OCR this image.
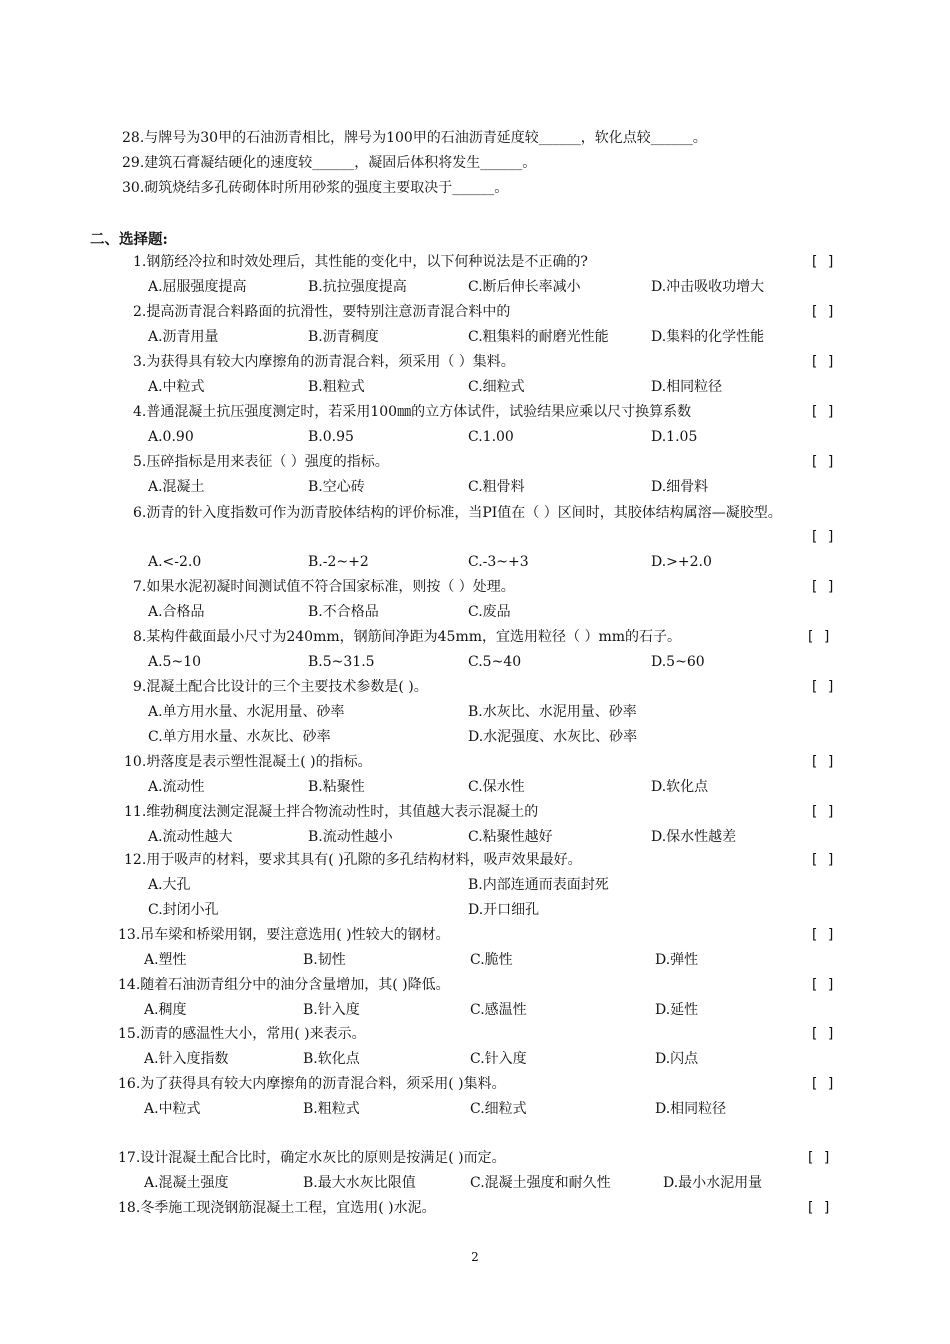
28.与牌号为30甲的石油沥青相比，牌号为100甲的石油沥青延度较______，软化点较______。
29.建筑石膏凝结硬化的速度较______，凝固后体积将发生______。
30.砌筑烧结多孔砖砌体时所用砂浆的强度主要取决于______。
二、选择题:
1.钢筋经冷拉和时效处理后，其性能的变化中，以下何种说法是不正确的?	[ ]
A.屈服强度提高	B.抗拉强度提高	C.断后伸长率减小	D.冲击吸收功增大
2.提高沥青混合料路面的抗滑性，要特别注意沥青混合料中的	[ ]
A.沥青用量	B.沥青稠度	C.粗集料的耐磨光性能	D.集料的化学性能
3.为获得具有较大内摩擦角的沥青混合料，须采用（ ）集料。	[ ]
A.中粒式	B.粗粒式	C.细粒式	D.相同粒径
4.普通混凝土抗压强度测定时，若采用100㎜的立方体试件，试验结果应乘以尺寸换算系数	[ ]
A.0.90	B.0.95	C.1.00	D.1.05
5.压碎指标是用来表征（ ）强度的指标。	[ ]
A.混凝土	B.空心砖	C.粗骨料	D.细骨料
6.沥青的针入度指数可作为沥青胶体结构的评价标准，当PI值在（ ）区间时，其胶体结构属溶—凝胶型。
[ ]
A.<-2.0	B.-2~+2	C.-3~+3	D.>+2.0
7.如果水泥初凝时间测试值不符合国家标准，则按（ ）处理。	[ ]
A.合格品	B.不合格品	C.废品
8.某构件截面最小尺寸为240mm，钢筋间净距为45mm，宜选用粒径（ ）mm的石子。	[ ]
A.5~10	B.5~31.5	C.5~40	D.5~60
9.混凝土配合比设计的三个主要技术参数是( )。	[ ]
A.单方用水量、水泥用量、砂率	B.水灰比、水泥用量、砂率
C.单方用水量、水灰比、砂率	D.水泥强度、水灰比、砂率
10.坍落度是表示塑性混凝土( )的指标。	[ ]
A.流动性	B.粘聚性	C.保水性	D.软化点
11.维勃稠度法测定混凝土拌合物流动性时，其值越大表示混凝土的	[ ]
A.流动性越大	B.流动性越小	C.粘聚性越好	D.保水性越差
12.用于吸声的材料，要求其具有( )孔隙的多孔结构材料，吸声效果最好。	[ ]
A.大孔	B.内部连通而表面封死
C.封闭小孔	D.开口细孔
13.吊车梁和桥梁用钢，要注意选用( )性较大的钢材。	[ ]
A.塑性	B.韧性	C.脆性	D.弹性
14.随着石油沥青组分中的油分含量增加，其( )降低。	[ ]
A.稠度	B.针入度	C.感温性	D.延性
15.沥青的感温性大小，常用( )来表示。	[ ]
A.针入度指数	B.软化点	C.针入度	D.闪点
16.为了获得具有较大内摩擦角的沥青混合料，须采用( )集料。	[ ]
A.中粒式	B.粗粒式	C.细粒式	D.相同粒径
17.设计混凝土配合比时，确定水灰比的原则是按满足( )而定。	[ ]
A.混凝土强度	B.最大水灰比限值	C.混凝土强度和耐久性	D.最小水泥用量
18.冬季施工现浇钢筋混凝土工程，宜选用( )水泥。	[ ]
2
